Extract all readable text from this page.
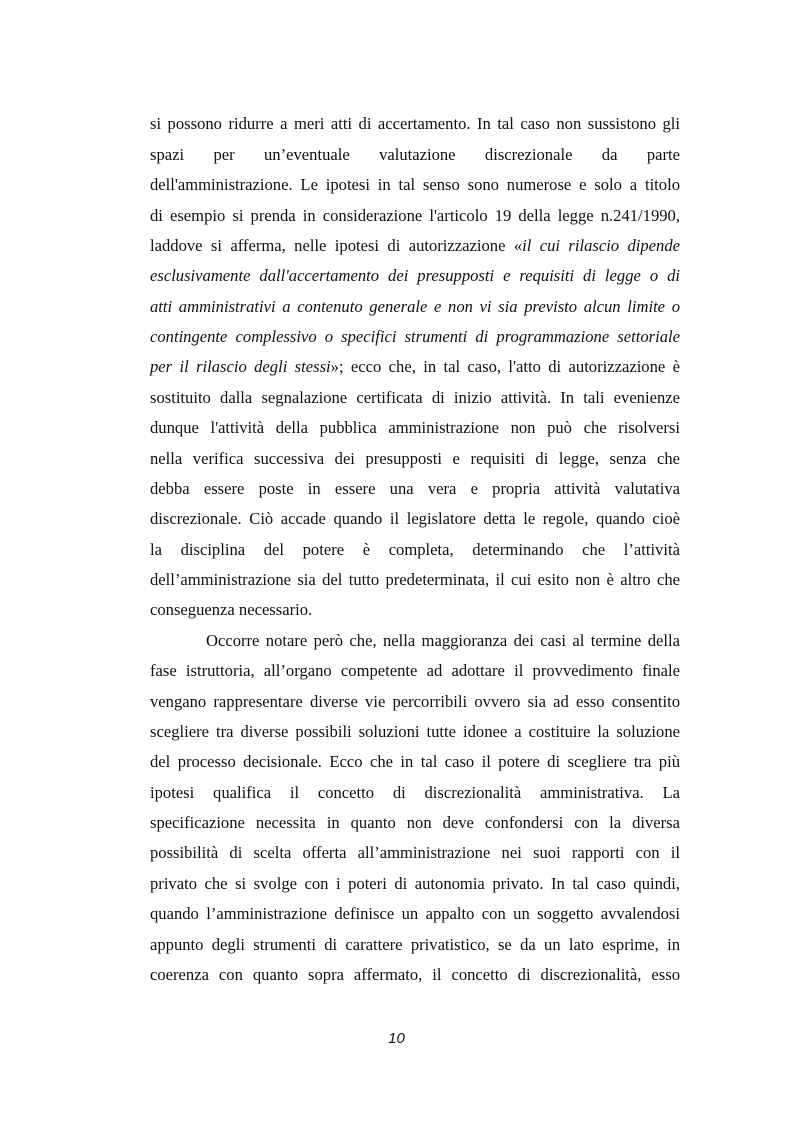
si possono ridurre a meri atti di accertamento. In tal caso non sussistono gli
spazi per un’eventuale valutazione discrezionale da parte
dell'amministrazione. Le ipotesi in tal senso sono numerose e solo a titolo
di esempio si prenda in considerazione l'articolo 19 della legge n.241/1990,
laddove si afferma, nelle ipotesi di autorizzazione «il cui rilascio dipende
esclusivamente dall'accertamento dei presupposti e requisiti di legge o di
atti amministrativi a contenuto generale e non vi sia previsto alcun limite o
contingente complessivo o specifici strumenti di programmazione settoriale
per il rilascio degli stessi»; ecco che, in tal caso, l'atto di autorizzazione è
sostituito dalla segnalazione certificata di inizio attività. In tali evenienze
dunque l'attività della pubblica amministrazione non può che risolversi
nella verifica successiva dei presupposti e requisiti di legge, senza che
debba essere poste in essere una vera e propria attività valutativa
discrezionale. Ciò accade quando il legislatore detta le regole, quando cioè
la disciplina del potere è completa, determinando che l’attività
dell’amministrazione sia del tutto predeterminata, il cui esito non è altro che
conseguenza necessario.
Occorre notare però che, nella maggioranza dei casi al termine della
fase istruttoria, all’organo competente ad adottare il provvedimento finale
vengano rappresentare diverse vie percorribili ovvero sia ad esso consentito
scegliere tra diverse possibili soluzioni tutte idonee a costituire la soluzione
del processo decisionale. Ecco che in tal caso il potere di scegliere tra più
ipotesi qualifica il concetto di discrezionalità amministrativa. La
specificazione necessita in quanto non deve confondersi con la diversa
possibilità di scelta offerta all’amministrazione nei suoi rapporti con il
privato che si svolge con i poteri di autonomia privato. In tal caso quindi,
quando l’amministrazione definisce un appalto con un soggetto avvalendosi
appunto degli strumenti di carattere privatistico, se da un lato esprime, in
coerenza con quanto sopra affermato, il concetto di discrezionalità, esso
10
